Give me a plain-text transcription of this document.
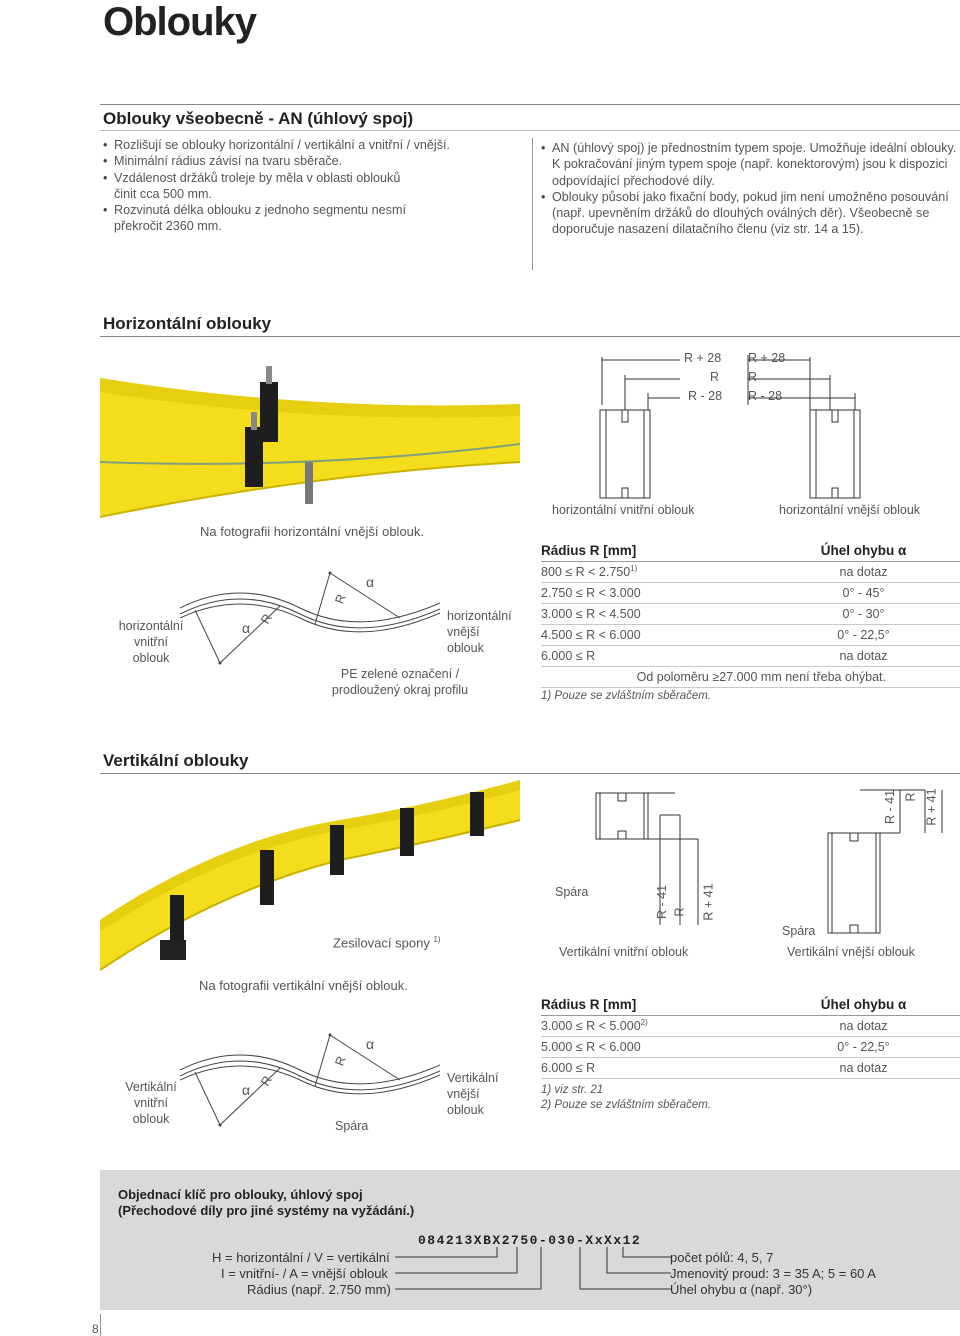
Oblouky
Oblouky všeobecně - AN (úhlový spoj)
• Rozlišují se oblouky horizontální / vertikální a vnitřní / vnější.
• Minimální rádius závisí na tvaru sběrače.
• Vzdálenost držáků troleje by měla v oblasti oblouků činit cca 500 mm.
• Rozvinutá délka oblouku z jednoho segmentu nesmí překročit 2360 mm.
• AN (úhlový spoj) je přednostním typem spoje. Umožňuje ideální oblouky. K pokračování jiným typem spoje (např. konektorovým) jsou k dispozici odpovídající přechodové díly.
• Oblouky působí jako fixační body, pokud jim není umožněno posouvání (např. upevněním držáků do dlouhých oválných děr). Všeobecně se doporučuje nasazení dilatačního členu (viz str. 14 a 15).
Horizontální oblouky
Na fotografii horizontální vnější oblouk.
R + 28
R
R - 28
R + 28
R
R - 28
horizontální vnitřní oblouk	horizontální vnější oblouk
horizontální
vnitřní
oblouk
horizontální
vnější
oblouk
α
R
α
R
PE zelené označení /
prodloužený okraj profilu
Rádius R [mm]	Úhel ohybu α
$800 \le R < 2.750^{1)}$	na dotaz
2.750 ≤ R < 3.000	0° - 45°
3.000 ≤ R < 4.500	0° - 30°
4.500 ≤ R < 6.000	0° - 22,5°
6.000 ≤ R	na dotaz
Od poloměru ≥27.000 mm není třeba ohýbat.	
1) Pouze se zvláštním sběračem.
Vertikální oblouky
Zesilovací spony $^{1)}$
Na fotografii vertikální vnější oblouk.
Spára	R - 41 R R + 41
R - 41 R R + 41
Spára
Vertikální vnitřní oblouk	Vertikální vnější oblouk
Vertikální
vnitřní
oblouk
Vertikální
vnější
oblouk
α
R
α
R
Spára
Rádius R [mm]	Úhel ohybu α
$3.000 \le R < 5.000^{2)}$	na dotaz
5.000 ≤ R < 6.000	0° - 22,5°
6.000 ≤ R	na dotaz
1) viz str. 21
2) Pouze se zvláštním sběračem.
Objednací klíč pro oblouky, úhlový spoj
(Přechodové díly pro jiné systémy na vyžádání.)
084213XBX2750-030-XxXx12
H = horizontální / V = vertikální
I = vnitřní- / A = vnější oblouk
Rádius (např. 2.750 mm)
počet pólů: 4, 5, 7
Jmenovitý proud: 3 = 35 A; 5 = 60 A
Úhel ohybu α (např. 30°)
8
